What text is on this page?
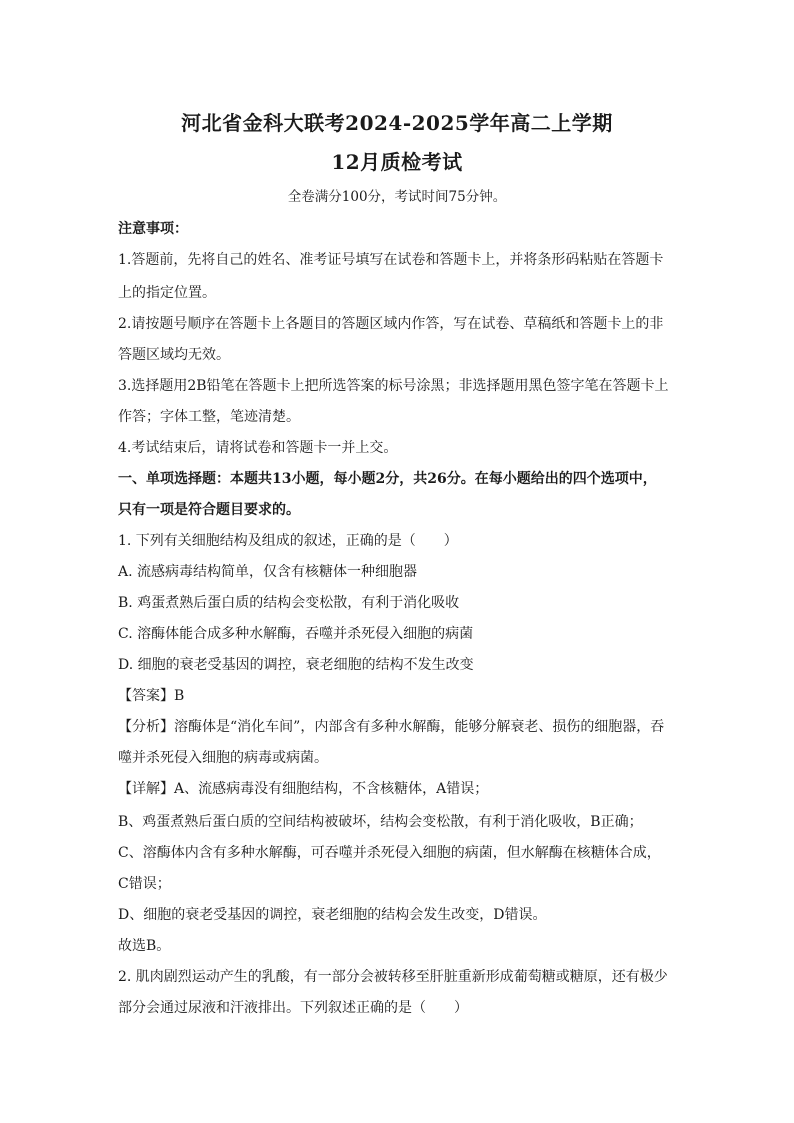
河北省金科大联考2024-2025学年高二上学期
12月质检考试
全卷满分100分，考试时间75分钟。
注意事项：
1.答题前，先将自己的姓名、准考证号填写在试卷和答题卡上，并将条形码粘贴在答题卡
上的指定位置。
2.请按题号顺序在答题卡上各题目的答题区域内作答，写在试卷、草稿纸和答题卡上的非
答题区域均无效。
3.选择题用2B铅笔在答题卡上把所选答案的标号涂黑；非选择题用黑色签字笔在答题卡上
作答；字体工整，笔迹清楚。
4.考试结束后，请将试卷和答题卡一并上交。
一、单项选择题：本题共13小题，每小题2分，共26分。在每小题给出的四个选项中，
只有一项是符合题目要求的。
1. 下列有关细胞结构及组成的叙述，正确的是（　　）
A. 流感病毒结构简单，仅含有核糖体一种细胞器
B. 鸡蛋煮熟后蛋白质的结构会变松散，有利于消化吸收
C. 溶酶体能合成多种水解酶，吞噬并杀死侵入细胞的病菌
D. 细胞的衰老受基因的调控，衰老细胞的结构不发生改变
【答案】B
【分析】溶酶体是“消化车间”，内部含有多种水解酶，能够分解衰老、损伤的细胞器，吞
噬并杀死侵入细胞的病毒或病菌。
【详解】A、流感病毒没有细胞结构，不含核糖体，A错误；
B、鸡蛋煮熟后蛋白质的空间结构被破坏，结构会变松散，有利于消化吸收，B正确；
C、溶酶体内含有多种水解酶，可吞噬并杀死侵入细胞的病菌，但水解酶在核糖体合成，
C错误；
D、细胞的衰老受基因的调控，衰老细胞的结构会发生改变，D错误。
故选B。
2. 肌肉剧烈运动产生的乳酸，有一部分会被转移至肝脏重新形成葡萄糖或糖原，还有极少
部分会通过尿液和汗液排出。下列叙述正确的是（　　）
